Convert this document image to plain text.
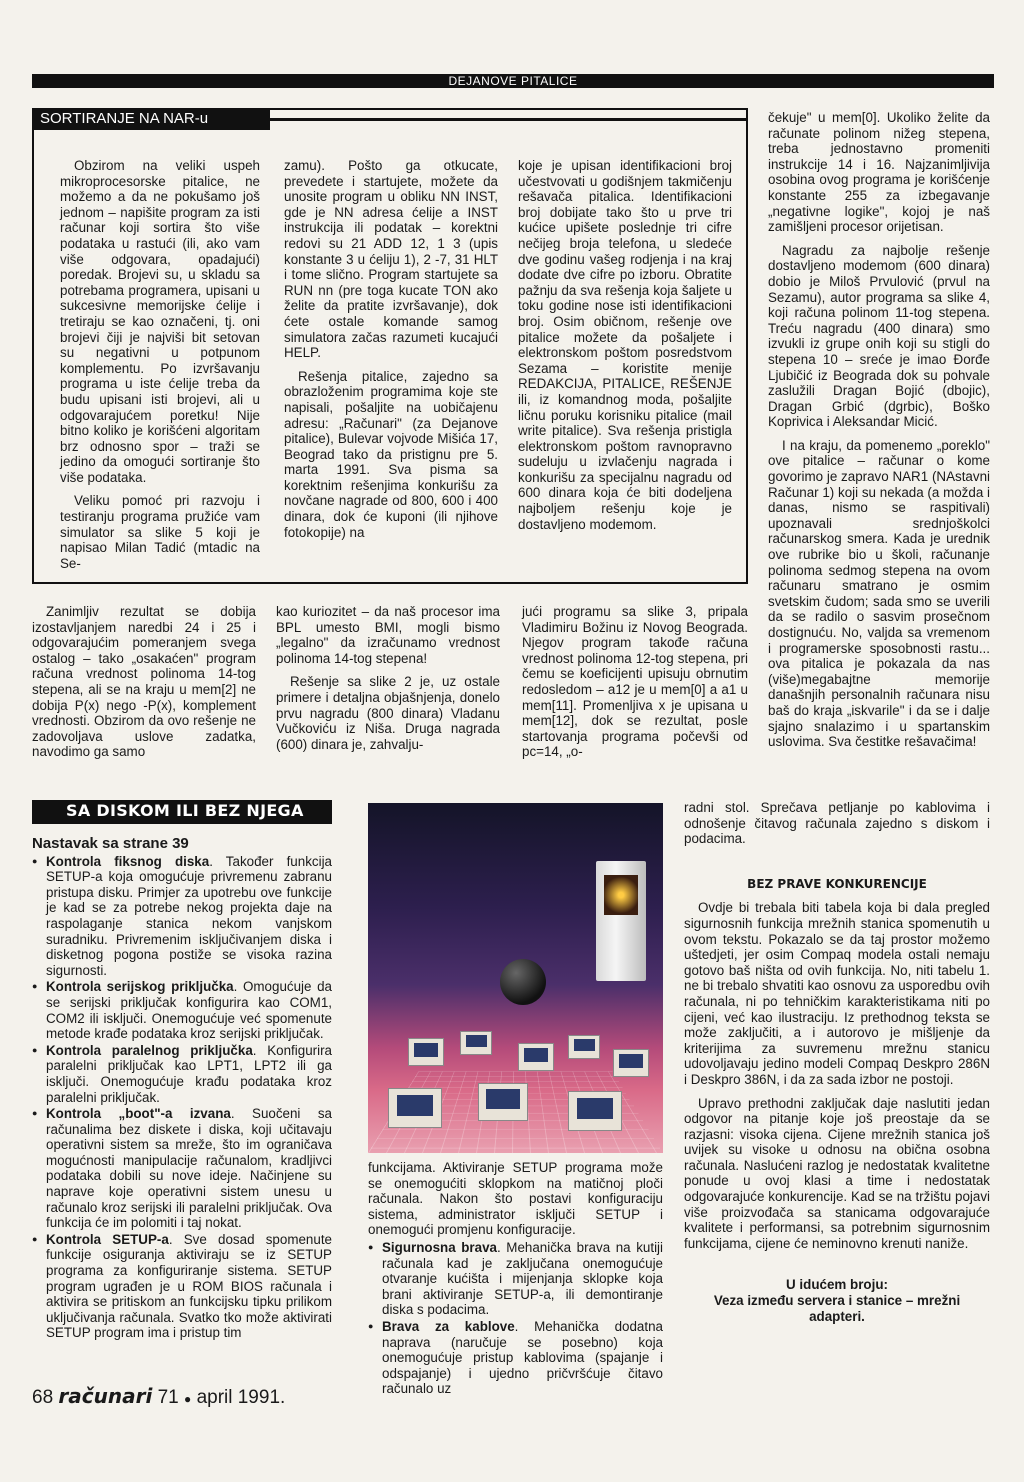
DEJANOVE PITALICE
SORTIRANJE NA NAR-u

Obzirom na veliki uspeh mikroprocesorske pitalice, ne možemo a da ne pokušamo još jednom – napišite program za isti računar koji sortira što više podataka u rastući (ili, ako vam više odgovara, opadajući) poredak. Brojevi su, u skladu sa potrebama programera, upisani u sukcesivne memorijske ćelije i tretiraju se kao označeni, tj. oni brojevi čiji je najviši bit setovan su negativni u potpunom komplementu. Po izvršavanju programa u iste ćelije treba da budu upisani isti brojevi, ali u odgovarajućem poretku! Nije bitno koliko je korišćeni algoritam brz odnosno spor – traži se jedino da omogući sortiranje što više podataka.

Veliku pomoć pri razvoju i testiranju programa pružiće vam simulator sa slike 5 koji je napisao Milan Tadić (mtadic na Se-

zamu). Pošto ga otkucate, prevedete i startujete, možete da unosite program u obliku NN INST, gde je NN adresa ćelije a INST instrukcija ili podatak – korektni redovi su 21 ADD 12, 1 3 (upis konstante 3 u ćeliju 1), 2 -7, 31 HLT i tome slično. Program startujete sa RUN nn (pre toga kucate TON ako želite da pratite izvršavanje), dok ćete ostale komande samog simulatora začas razumeti kucajući HELP.

Rešenja pitalice, zajedno sa obrazloženim programima koje ste napisali, pošaljite na uobičajenu adresu: „Računari" (za Dejanove pitalice), Bulevar vojvode Mišića 17, Beograd tako da pristignu pre 5. marta 1991. Sva pisma sa korektnim rešenjima konkurišu za novčane nagrade od 800, 600 i 400 dinara, dok će kuponi (ili njihove fotokopije) na

koje je upisan identifikacioni broj učestvovati u godišnjem takmičenju rešavača pitalica. Identifikacioni broj dobijate tako što u prve tri kućice upišete poslednje tri cifre nečijeg broja telefona, u sledeće dve godinu vašeg rodjenja i na kraj dodate dve cifre po izboru. Obratite pažnju da sva rešenja koja šaljete u toku godine nose isti identifikacioni broj. Osim običnom, rešenje ove pitalice možete da pošaljete i elektronskom poštom posredstvom Sezama – koristite menije REDAKCIJA, PITALICE, REŠENJE ili, iz komandnog moda, pošaljite ličnu poruku korisniku pitalice (mail write pitalice). Sva rešenja pristigla elektronskom poštom ravnopravno sudeluju u izvlačenju nagrada i konkurišu za specijalnu nagradu od 600 dinara koja će biti dodeljena najboljem rešenju koje je dostavljeno modemom.

čekuje" u mem[0]. Ukoliko želite da računate polinom nižeg stepena, treba jednostavno promeniti instrukcije 14 i 16. Najzanimljivija osobina ovog programa je korišćenje konstante 255 za izbegavanje „negativne logike", kojoj je naš zamišljeni procesor orijetisan.

Nagradu za najbolje rešenje dostavljeno modemom (600 dinara) dobio je Miloš Prvulović (prvul na Sezamu), autor programa sa slike 4, koji računa polinom 11-tog stepena. Treću nagradu (400 dinara) smo izvukli iz grupe onih koji su stigli do stepena 10 – sreće je imao Đorđe Ljubičić iz Beograda dok su pohvale zaslužili Dragan Bojić (dbojic), Dragan Grbić (dgrbic), Boško Koprivica i Aleksandar Micić.

I na kraju, da pomenemo „poreklo" ove pitalice – računar o kome govorimo je zapravo NAR1 (NAstavni Računar 1) koji su nekada (a možda i danas, nismo se raspitivali) upoznavali srednjoškolci računarskog smera. Kada je urednik ove rubrike bio u školi, računanje polinoma sedmog stepena na ovom računaru smatrano je osmim svetskim čudom; sada smo se uverili da se radilo o sasvim prosečnom dostignuću. No, valjda sa vremenom i programerske sposobnosti rastu... ova pitalica je pokazala da nas (više)megabajtne memorije današnjih personalnih računara nisu baš do kraja „iskvarile" i da se i dalje sjajno snalazimo i u spartanskim uslovima. Sva čestitke rešavačima!

Zanimljiv rezultat se dobija izostavljanjem naredbi 24 i 25 i odgovarajućim pomeranjem svega ostalog – tako „osakaćen" program računa vrednost polinoma 14-tog stepena, ali se na kraju u mem[2] ne dobija P(x) nego -P(x), komplement vrednosti. Obzirom da ovo rešenje ne zadovoljava uslove zadatka, navodimo ga samo

kao kuriozitet – da naš procesor ima BPL umesto BMI, mogli bismo „legalno" da izračunamo vrednost polinoma 14-tog stepena!

Rešenje sa slike 2 je, uz ostale primere i detaljna objašnjenja, donelo prvu nagradu (800 dinara) Vladanu Vučkoviću iz Niša. Druga nagrada (600) dinara je, zahvalju-

jući programu sa slike 3, pripala Vladimiru Božinu iz Novog Beograda. Njegov program takođe računa vrednost polinoma 12-tog stepena, pri čemu se koeficijenti upisuju obrnutim redosledom – a12 je u mem[0] a a1 u mem[11]. Promenljiva x je upisana u mem[12], dok se rezultat, posle startovanja programa počevši od pc=14, „o-

SA DISKOM ILI BEZ NJEGA
Nastavak sa strane 39
● Kontrola fiksnog diska. Također funkcija SETUP-a koja omogućuje privremenu zabranu pristupa disku. Primjer za upotrebu ove funkcije je kad se za potrebe nekog projekta daje na raspolaganje stanica nekom vanjskom suradniku. Privremenim isključivanjem diska i disketnog pogona postiže se visoka razina sigurnosti.
● Kontrola serijskog priključka. Omogućuje da se serijski priključak konfigurira kao COM1, COM2 ili isključi. Onemogućuje već spomenute metode krađe podataka kroz serijski priključak.
● Kontrola paralelnog priključka. Konfigurira paralelni priključak kao LPT1, LPT2 ili ga isključi. Onemogućuje krađu podataka kroz paralelni priključak.
● Kontrola „boot"-a izvana. Suočeni sa računalima bez diskete i diska, koji učitavaju operativni sistem sa mreže, što im ograničava mogućnosti manipulacije računalom, kradljivci podataka dobili su nove ideje. Načinjene su naprave koje operativni sistem unesu u računalo kroz serijski ili paralelni priključak. Ova funkcija će im polomiti i taj nokat.
● Kontrola SETUP-a. Sve dosad spomenute funkcije osiguranja aktiviraju se iz SETUP programa za konfiguriranje sistema. SETUP program ugrađen je u ROM BIOS računala i aktivira se pritiskom an funkcijsku tipku prilikom uključivanja računala. Svatko tko može aktivirati SETUP program ima i pristup tim

funkcijama. Aktiviranje SETUP programa može se onemogućiti sklopkom na matičnoj ploči računala. Nakon što postavi konfiguraciju sistema, administrator isključi SETUP i onemogući promjenu konfiguracije.

● Sigurnosna brava. Mehanička brava na kutiji računala kad je zaključana onemogućuje otvaranje kućišta i mijenjanja sklopke koja brani aktiviranje SETUP-a, ili demontiranje diska s podacima.
● Brava za kablove. Mehanička dodatna naprava (naručuje se posebno) koja onemogućuje pristup kablovima (spajanje i odspajanje) i ujedno pričvršćuje čitavo računalo uz

radni stol. Sprečava petljanje po kablovima i odnošenje čitavog računala zajedno s diskom i podacima.

BEZ PRAVE KONKURENCIJE

Ovdje bi trebala biti tabela koja bi dala pregled sigurnosnih funkcija mrežnih stanica spomenutih u ovom tekstu. Pokazalo se da taj prostor možemo uštedjeti, jer osim Compaq modela ostali nemaju gotovo baš ništa od ovih funkcija. No, niti tabelu 1. ne bi trebalo shvatiti kao osnovu za usporedbu ovih računala, ni po tehničkim karakteristikama niti po cijeni, već kao ilustraciju. Iz prethodnog teksta se može zaključiti, a i autorovo je mišljenje da kriterijima za suvremenu mrežnu stanicu udovoljavaju jedino modeli Compaq Deskpro 286N i Deskpro 386N, i da za sada izbor ne postoji.

Upravo prethodni zaključak daje naslutiti jedan odgovor na pitanje koje još preostaje da se razjasni: visoka cijena. Cijene mrežnih stanica još uvijek su visoke u odnosu na obična osobna računala. Naslućeni razlog je nedostatak kvalitetne ponude u ovoj klasi a time i nedostatak odgovarajuće konkurencije. Kad se na tržištu pojavi više proizvođača sa stanicama odgovarajuće kvalitete i performansi, sa potrebnim sigurnosnim funkcijama, cijene će neminovno krenuti naniže.

U idućem broju:
Veza između servera i stanice – mrežni adapteri.
68 računari 71 ● april 1991.
